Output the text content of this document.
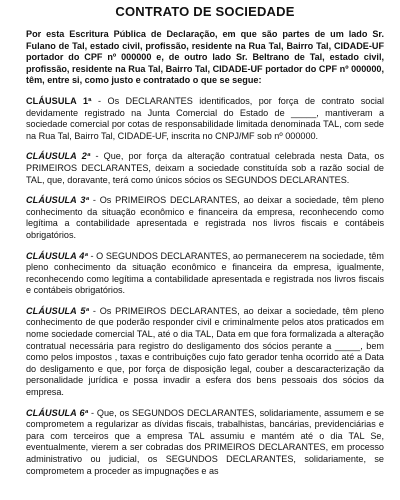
CONTRATO DE SOCIEDADE

Por esta Escritura Pública de Declaração, em que são partes de um lado Sr. Fulano de Tal, estado civil, profissão, residente na Rua Tal, Bairro Tal, CIDADE-UF portador do CPF nº 000000 e, de outro lado Sr. Beltrano de Tal, estado civil, profissão, residente na Rua Tal, Bairro Tal, CIDADE-UF portador do CPF nº 000000, têm, entre si, como justo e contratado o que se segue:

CLÁUSULA 1ª - Os DECLARANTES identificados, por força de contrato social devidamente registrado na Junta Comercial do Estado de _____, mantiveram a sociedade comercial por cotas de responsabilidade limitada denominada TAL, com sede na Rua Tal, Bairro Tal, CIDADE-UF, inscrita no CNPJ/MF sob nº 000000.

CLÁUSULA 2ª - Que, por força da alteração contratual celebrada nesta Data, os PRIMEIROS DECLARANTES, deixam a sociedade constituída sob a razão social de TAL, que, doravante, terá como únicos sócios os SEGUNDOS DECLARANTES.

CLÁUSULA 3ª - Os PRIMEIROS DECLARANTES, ao deixar a sociedade, têm pleno conhecimento da situação econômico e financeira da empresa, reconhecendo como legítima a contabilidade apresentada e registrada nos livros fiscais e contábeis obrigatórios.

CLÁUSULA 4ª - O SEGUNDOS DECLARANTES, ao permanecerem na sociedade, têm pleno conhecimento da situação econômico e financeira da empresa, igualmente, reconhecendo como legítima a contabilidade apresentada e registrada nos livros fiscais e contábeis obrigatórios.

CLÁUSULA 5ª - Os PRIMEIROS DECLARANTES, ao deixar a sociedade, têm pleno conhecimento de que poderão responder civil e criminalmente pelos atos praticados em nome sociedade comercial TAL, até o dia TAL, Data em que fora formalizada a alteração contratual necessária para registro do desligamento dos sócios perante a _____, bem como pelos impostos , taxas e contribuições cujo fato gerador tenha ocorrido até a Data do desligamento e que, por força de disposição legal, couber a descaracterização da personalidade jurídica e possa invadir a esfera dos bens pessoais dos sócios da empresa.

CLÁUSULA 6ª - Que, os SEGUNDOS DECLARANTES, solidariamente, assumem e se comprometem a regularizar as dívidas fiscais, trabalhistas, bancárias, previdenciárias e para com terceiros que a empresa TAL assumiu e mantém até o dia TAL Se, eventualmente, vierem a ser cobradas dos PRIMEIROS DECLARANTES, em processo administrativo ou judicial, os SEGUNDOS DECLARANTES, solidariamente, se comprometem a proceder as impugnações e as
